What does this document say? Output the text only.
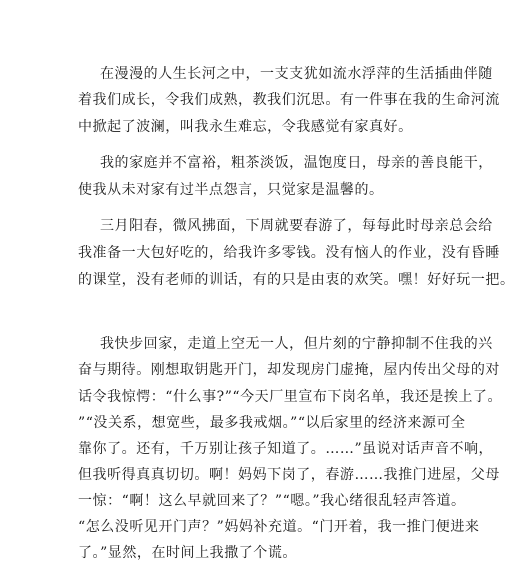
在漫漫的人生长河之中，一支支犹如流水浮萍的生活插曲伴随
着我们成长，令我们成熟，教我们沉思。有一件事在我的生命河流
中掀起了波澜，叫我永生难忘，令我感觉有家真好。
我的家庭并不富裕，粗茶淡饭，温饱度日，母亲的善良能干，
使我从未对家有过半点怨言，只觉家是温馨的。
三月阳春，微风拂面，下周就要春游了，每每此时母亲总会给
我准备一大包好吃的，给我许多零钱。没有恼人的作业，没有昏睡
的课堂，没有老师的训话，有的只是由衷的欢笑。嘿！好好玩一把。
我快步回家，走道上空无一人，但片刻的宁静抑制不住我的兴
奋与期待。刚想取钥匙开门，却发现房门虚掩，屋内传出父母的对
话令我惊愕：“什么事?”“今天厂里宣布下岗名单，我还是挨上了。
”“没关系，想宽些，最多我戒烟。”“以后家里的经济来源可全
靠你了。还有，千万别让孩子知道了。……”虽说对话声音不响，
但我听得真真切切。啊！妈妈下岗了，春游……我推门进屋，父母
一惊：“啊！这么早就回来了？”“嗯。”我心绪很乱轻声答道。
“怎么没听见开门声？”妈妈补充道。“门开着，我一推门便进来
了。”显然，在时间上我撒了个谎。
